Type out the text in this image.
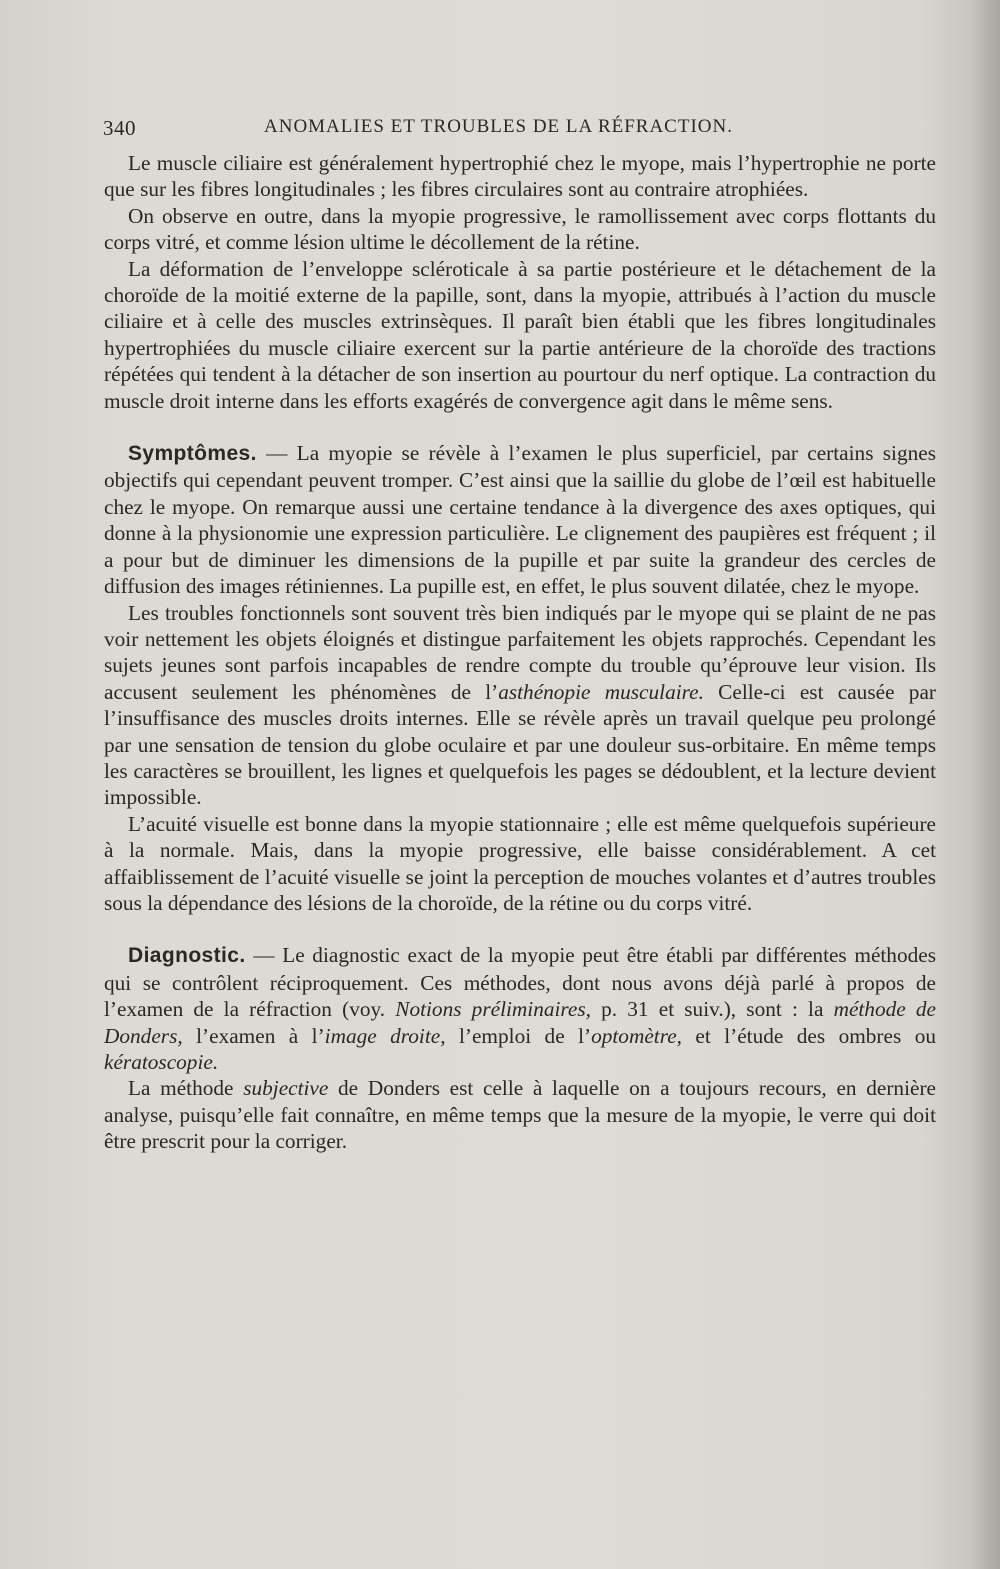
340	ANOMALIES ET TROUBLES DE LA RÉFRACTION.

Le muscle ciliaire est généralement hypertrophié chez le myope, mais l’hypertrophie ne porte que sur les fibres longitudinales ; les fibres circulaires sont au contraire atrophiées.

On observe en outre, dans la myopie progressive, le ramollissement avec corps flottants du corps vitré, et comme lésion ultime le décollement de la rétine.

La déformation de l’enveloppe scléroticale à sa partie postérieure et le détachement de la choroïde de la moitié externe de la papille, sont, dans la myopie, attribués à l’action du muscle ciliaire et à celle des muscles extrinsèques. Il paraît bien établi que les fibres longitudinales hypertrophiées du muscle ciliaire exercent sur la partie antérieure de la choroïde des tractions répétées qui tendent à la détacher de son insertion au pourtour du nerf optique. La contraction du muscle droit interne dans les efforts exagérés de convergence agit dans le même sens.

Symptômes. — La myopie se révèle à l’examen le plus superficiel, par certains signes objectifs qui cependant peuvent tromper. C’est ainsi que la saillie du globe de l’œil est habituelle chez le myope. On remarque aussi une certaine tendance à la divergence des axes optiques, qui donne à la physionomie une expression particulière. Le clignement des paupières est fréquent ; il a pour but de diminuer les dimensions de la pupille et par suite la grandeur des cercles de diffusion des images rétiniennes. La pupille est, en effet, le plus souvent dilatée, chez le myope.

Les troubles fonctionnels sont souvent très bien indiqués par le myope qui se plaint de ne pas voir nettement les objets éloignés et distingue parfaitement les objets rapprochés. Cependant les sujets jeunes sont parfois incapables de rendre compte du trouble qu’éprouve leur vision. Ils accusent seulement les phénomènes de l’asthénopie musculaire. Celle-ci est causée par l’insuffisance des muscles droits internes. Elle se révèle après un travail quelque peu prolongé par une sensation de tension du globe oculaire et par une douleur sus-orbitaire. En même temps les caractères se brouillent, les lignes et quelquefois les pages se dédoublent, et la lecture devient impossible.

L’acuité visuelle est bonne dans la myopie stationnaire ; elle est même quelquefois supérieure à la normale. Mais, dans la myopie progressive, elle baisse considérablement. A cet affaiblissement de l’acuité visuelle se joint la perception de mouches volantes et d’autres troubles sous la dépendance des lésions de la choroïde, de la rétine ou du corps vitré.

Diagnostic. — Le diagnostic exact de la myopie peut être établi par différentes méthodes qui se contrôlent réciproquement. Ces méthodes, dont nous avons déjà parlé à propos de l’examen de la réfraction (voy. Notions préliminaires, p. 31 et suiv.), sont : la méthode de Donders, l’examen à l’image droite, l’emploi de l’optomètre, et l’étude des ombres ou kératoscopie.

La méthode subjective de Donders est celle à laquelle on a toujours recours, en dernière analyse, puisqu’elle fait connaître, en même temps que la mesure de la myopie, le verre qui doit être prescrit pour la corriger.
